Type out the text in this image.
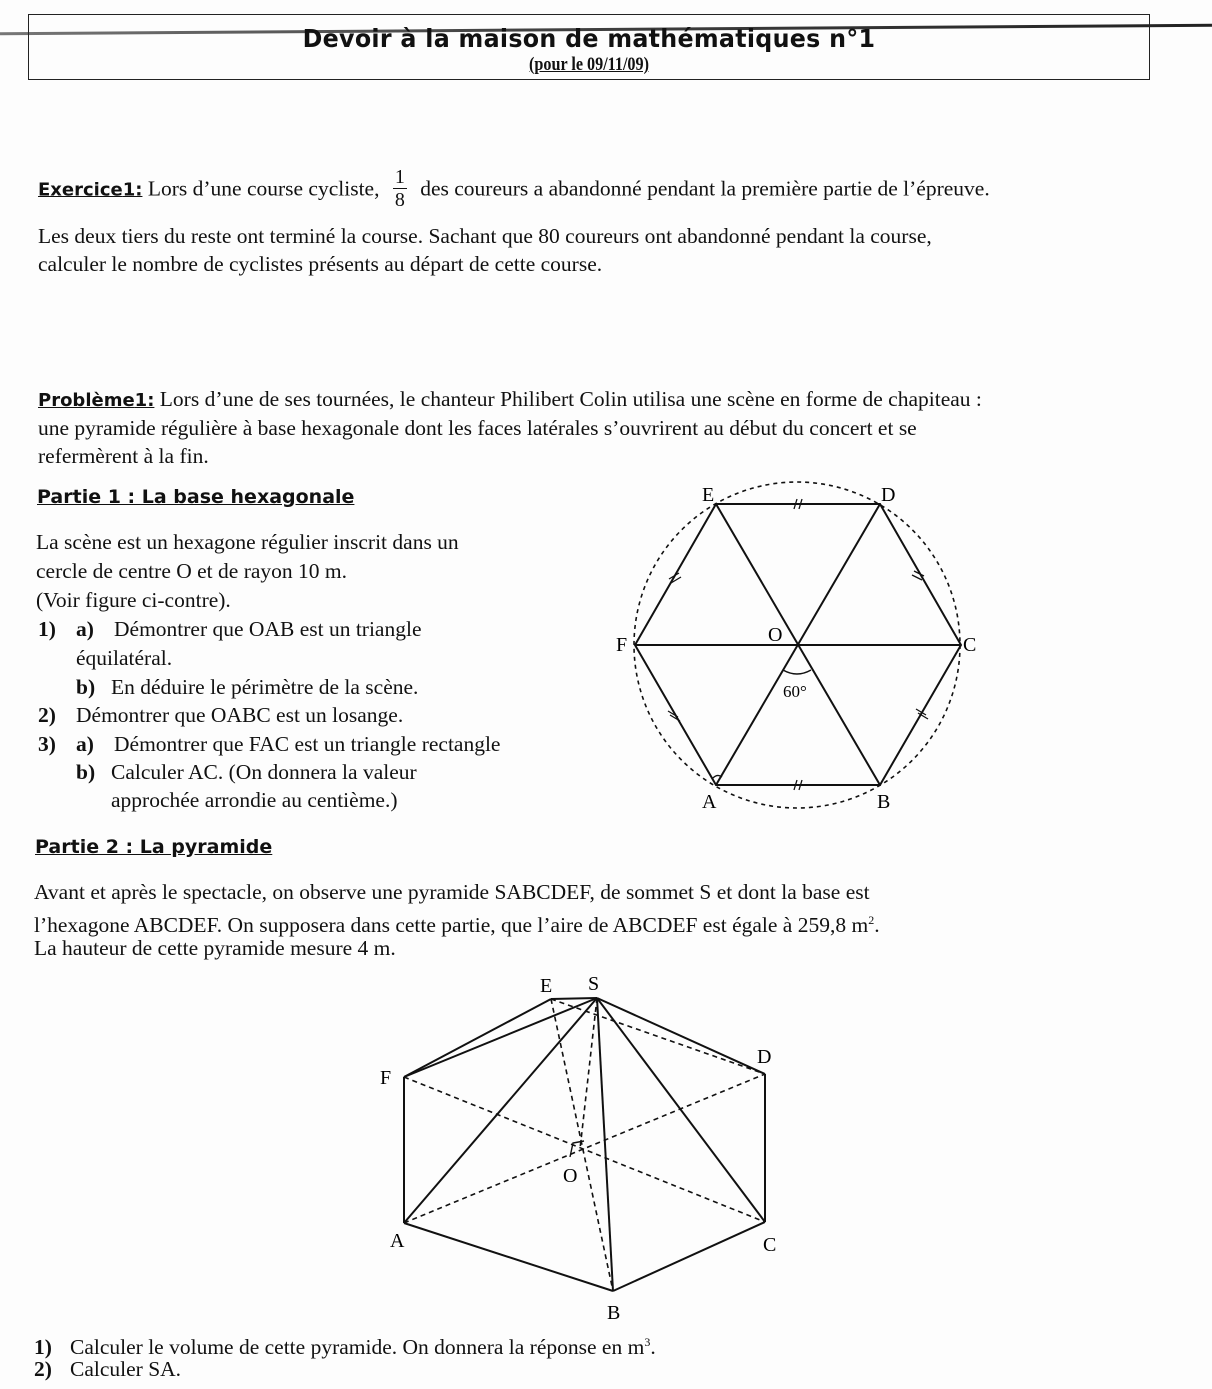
Devoir à la maison de mathématiques n°1
(pour le 09/11/09)
Exercice1: Lors d’une course cycliste, $\frac{1}{8}$ des coureurs a abandonné pendant la première partie de l’épreuve.
Les deux tiers du reste ont terminé la course. Sachant que 80 coureurs ont abandonné pendant la course,
calculer le nombre de cyclistes présents au départ de cette course.
Problème1: Lors d’une de ses tournées, le chanteur Philibert Colin utilisa une scène en forme de chapiteau :
une pyramide régulière à base hexagonale dont les faces latérales s’ouvrirent au début du concert et se
refermèrent à la fin.
Partie 1 : La base hexagonale
La scène est un hexagone régulier inscrit dans un
cercle de centre O et de rayon 10 m.
(Voir figure ci-contre).
1) a) Démontrer que OAB est un triangle
équilatéral.
b) En déduire le périmètre de la scène.
2) Démontrer que OABC est un losange.
3) a) Démontrer que FAC est un triangle rectangle
b) Calculer AC. (On donnera la valeur
approchée arrondie au centième.)
E	D
F	C
O
A	B
60°
Partie 2 : La pyramide
Avant et après le spectacle, on observe une pyramide SABCDEF, de sommet S et dont la base est
l’hexagone ABCDEF. On supposera dans cette partie, que l’aire de ABCDEF est égale à 259,8 $m^2$.
La hauteur de cette pyramide mesure 4 m.
E S
D
F
O
A	C
B
1) Calculer le volume de cette pyramide. On donnera la réponse en $m^3$.
2) Calculer SA.
